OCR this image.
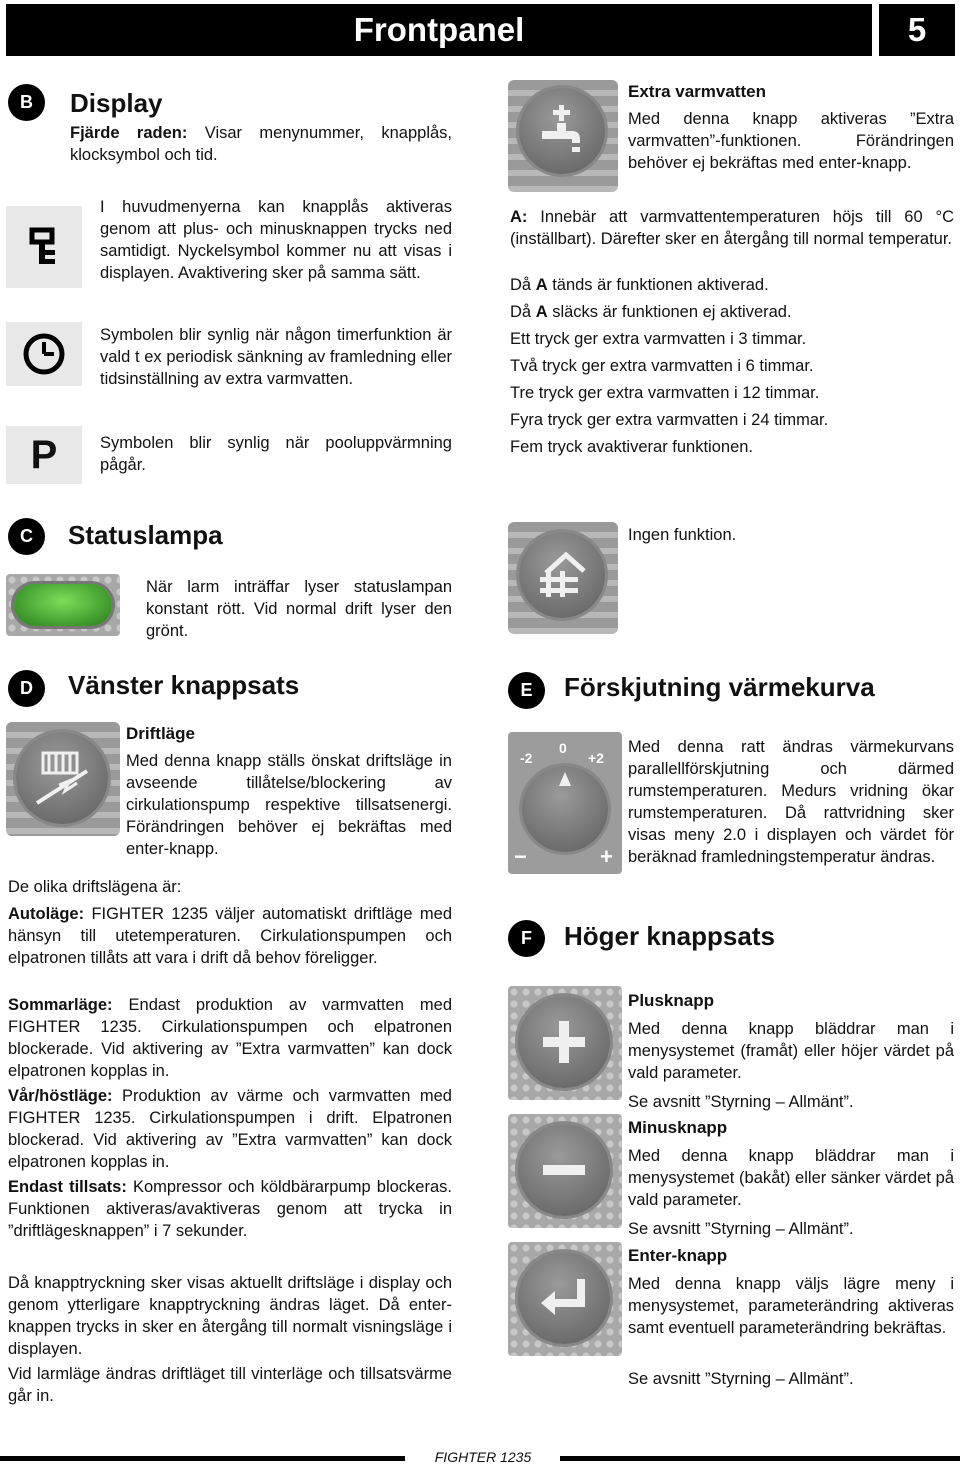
Frontpanel	5
B	Display
Fjärde raden: Visar menynummer, knapplås, klocksymbol och tid.
I huvudmenyerna kan knapplås aktiveras genom att plus- och minusknappen trycks ned samtidigt. Nyckelsymbol kommer nu att visas i displayen. Avaktivering sker på samma sätt.
Symbolen blir synlig när någon timerfunktion är vald t ex periodisk sänkning av framledning eller tidsinställning av extra varmvatten.
P	Symbolen blir synlig när pooluppvärmning pågår.
Extra varmvatten
Med denna knapp aktiveras ”Extra varmvatten”-funktionen. Förändringen behöver ej bekräftas med enter-knapp.
A: Innebär att varmvattentemperaturen höjs till 60 °C (inställbart). Därefter sker en återgång till normal temperatur.
Då A tänds är funktionen aktiverad.
Då A släcks är funktionen ej aktiverad.
Ett tryck ger extra varmvatten i 3 timmar.
Två tryck ger extra varmvatten i 6 timmar.
Tre tryck ger extra varmvatten i 12 timmar.
Fyra tryck ger extra varmvatten i 24 timmar.
Fem tryck avaktiverar funktionen.
C	Statuslampa
När larm inträffar lyser statuslampan konstant rött. Vid normal drift lyser den grönt.
Ingen funktion.
D	Vänster knappsats
Driftläge
Med denna knapp ställs önskat driftsläge in avseende tillåtelse/blockering av cirkulationspump respektive tillsatsenergi. Förändringen behöver ej bekräftas med enter-knapp.
De olika driftslägena är:
Autoläge: FIGHTER 1235 väljer automatiskt driftläge med hänsyn till utetemperaturen. Cirkulationspumpen och elpatronen tillåts att vara i drift då behov föreligger.
Sommarläge: Endast produktion av varmvatten med FIGHTER 1235. Cirkulationspumpen och elpatronen blockerade. Vid aktivering av ”Extra varmvatten” kan dock elpatronen kopplas in.
Vår/höstläge: Produktion av värme och varmvatten med FIGHTER 1235. Cirkulationspumpen i drift. Elpatronen blockerad. Vid aktivering av ”Extra varmvatten” kan dock elpatronen kopplas in.
Endast tillsats: Kompressor och köldbärarpump blockeras. Funktionen aktiveras/avaktiveras genom att trycka in ”driftlägesknappen” i 7 sekunder.
Då knapptryckning sker visas aktuellt driftsläge i display och genom ytterligare knapptryckning ändras läget. Då enter-knappen trycks in sker en återgång till normalt visningsläge i displayen.
Vid larmläge ändras driftläget till vinterläge och tillsatsvärme går in.
E	Förskjutning värmekurva
-2
0
+2
−	+
Med denna ratt ändras värmekurvans parallellförskjutning och därmed rumstemperaturen. Medurs vridning ökar rumstemperaturen. Då rattvridning sker visas meny 2.0 i displayen och värdet för beräknad framledningstemperatur ändras.
F	Höger knappsats
Plusknapp
Med denna knapp bläddrar man i menysystemet (framåt) eller höjer värdet på vald parameter.
Se avsnitt ”Styrning – Allmänt”.
Minusknapp
Med denna knapp bläddrar man i menysystemet (bakåt) eller sänker värdet på vald parameter.
Se avsnitt ”Styrning – Allmänt”.
Enter-knapp
Med denna knapp väljs lägre meny i menysystemet, parameterändring aktiveras samt eventuell parameterändring bekräftas.
Se avsnitt ”Styrning – Allmänt”.
FIGHTER 1235
